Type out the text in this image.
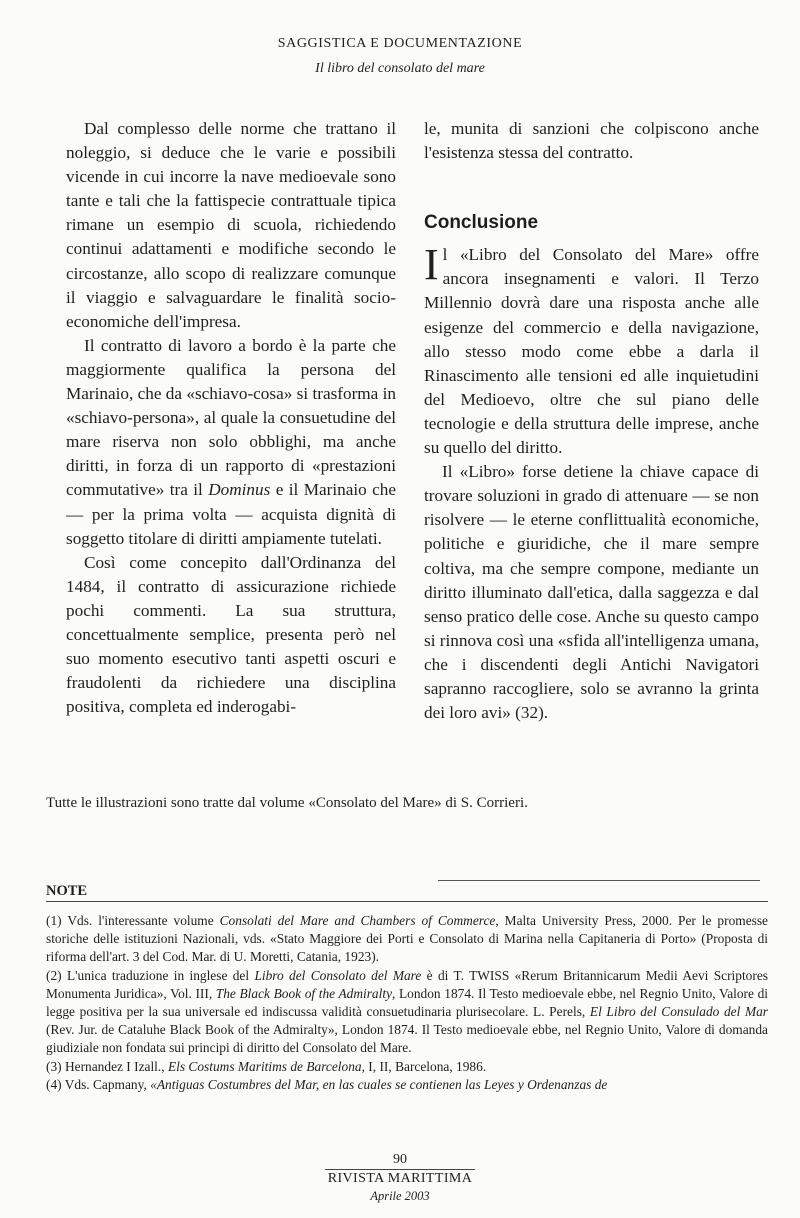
SAGGISTICA E DOCUMENTAZIONE
Il libro del consolato del mare

Dal complesso delle norme che trattano il noleggio, si deduce che le varie e possibili vicende in cui incorre la nave medioevale sono tante e tali che la fattispecie contrattuale tipica rimane un esempio di scuola, richiedendo continui adattamenti e modifiche secondo le circostanze, allo scopo di realizzare comunque il viaggio e salvaguardare le finalità socio-economiche dell'impresa.

Il contratto di lavoro a bordo è la parte che maggiormente qualifica la persona del Marinaio, che da «schiavo-cosa» si trasforma in «schiavo-persona», al quale la consuetudine del mare riserva non solo obblighi, ma anche diritti, in forza di un rapporto di «prestazioni commutative» tra il Dominus e il Marinaio che — per la prima volta — acquista dignità di soggetto titolare di diritti ampiamente tutelati.

Così come concepito dall'Ordinanza del 1484, il contratto di assicurazione richiede pochi commenti. La sua struttura, concettualmente semplice, presenta però nel suo momento esecutivo tanti aspetti oscuri e fraudolenti da richiedere una disciplina positiva, completa ed inderogabi-

le, munita di sanzioni che colpiscono anche l'esistenza stessa del contratto.

Conclusione

Il «Libro del Consolato del Mare» offre ancora insegnamenti e valori. Il Terzo Millennio dovrà dare una risposta anche alle esigenze del commercio e della navigazione, allo stesso modo come ebbe a darla il Rinascimento alle tensioni ed alle inquietudini del Medioevo, oltre che sul piano delle tecnologie e della struttura delle imprese, anche su quello del diritto.

Il «Libro» forse detiene la chiave capace di trovare soluzioni in grado di attenuare — se non risolvere — le eterne conflittualità economiche, politiche e giuridiche, che il mare sempre coltiva, ma che sempre compone, mediante un diritto illuminato dall'etica, dalla saggezza e dal senso pratico delle cose. Anche su questo campo si rinnova così una «sfida all'intelligenza umana, che i discendenti degli Antichi Navigatori sapranno raccogliere, solo se avranno la grinta dei loro avi» (32).

Tutte le illustrazioni sono tratte dal volume «Consolato del Mare» di S. Corrieri.
NOTE

(1) Vds. l'interessante volume Consolati del Mare and Chambers of Commerce, Malta University Press, 2000. Per le promesse storiche delle istituzioni Nazionali, vds. «Stato Maggiore dei Porti e Consolato di Marina nella Capitaneria di Porto» (Proposta di riforma dell'art. 3 del Cod. Mar. di U. Moretti, Catania, 1923).

(2) L'unica traduzione in inglese del Libro del Consolato del Mare è di T. TWISS «Rerum Britannicarum Medii Aevi Scriptores Monumenta Juridica», Vol. III, The Black Book of the Admiralty, London 1874. Il Testo medioevale ebbe, nel Regnio Unito, Valore di legge positiva per la sua universale ed indiscussa validità consuetudinaria plurisecolare. L. Perels, El Libro del Consulado del Mar (Rev. Jur. de Cataluhe Black Book of the Admiralty», London 1874. Il Testo medioevale ebbe, nel Regnio Unito, Valore di domanda giudiziale non fondata sui principi di diritto del Consolato del Mare.

(3) Hernandez I Izall., Els Costums Maritims de Barcelona, I, II, Barcelona, 1986.

(4) Vds. Capmany, «Antiguas Costumbres del Mar, en las cuales se contienen las Leyes y Ordenanzas de

90
RIVISTA MARITTIMA
Aprile 2003
